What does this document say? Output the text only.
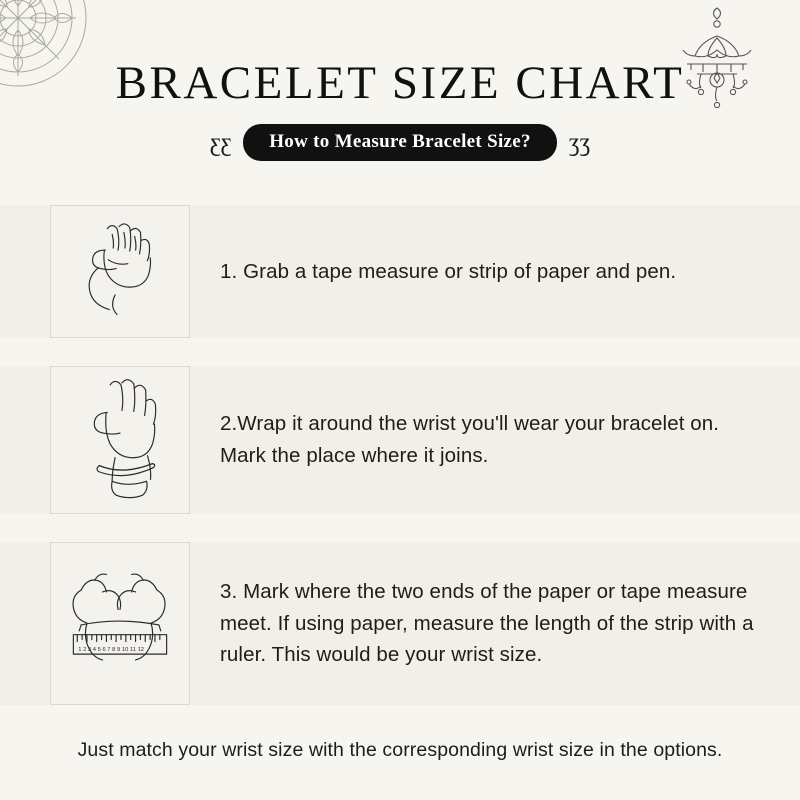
BRACELET SIZE CHART
ʒʒ	How to Measure Bracelet Size?	ʒʒ

1. Grab a tape measure or strip of paper and pen.

2.Wrap it around the wrist you'll wear your bracelet on. Mark the place where it joins.

1 2 3 4 5 6 7 8 9 10 11 12

3. Mark where the two ends of the paper or tape measure meet. If using paper, measure the length of the strip with a ruler. This would be your wrist size.

Just match your wrist size with the corresponding wrist size in the options.
